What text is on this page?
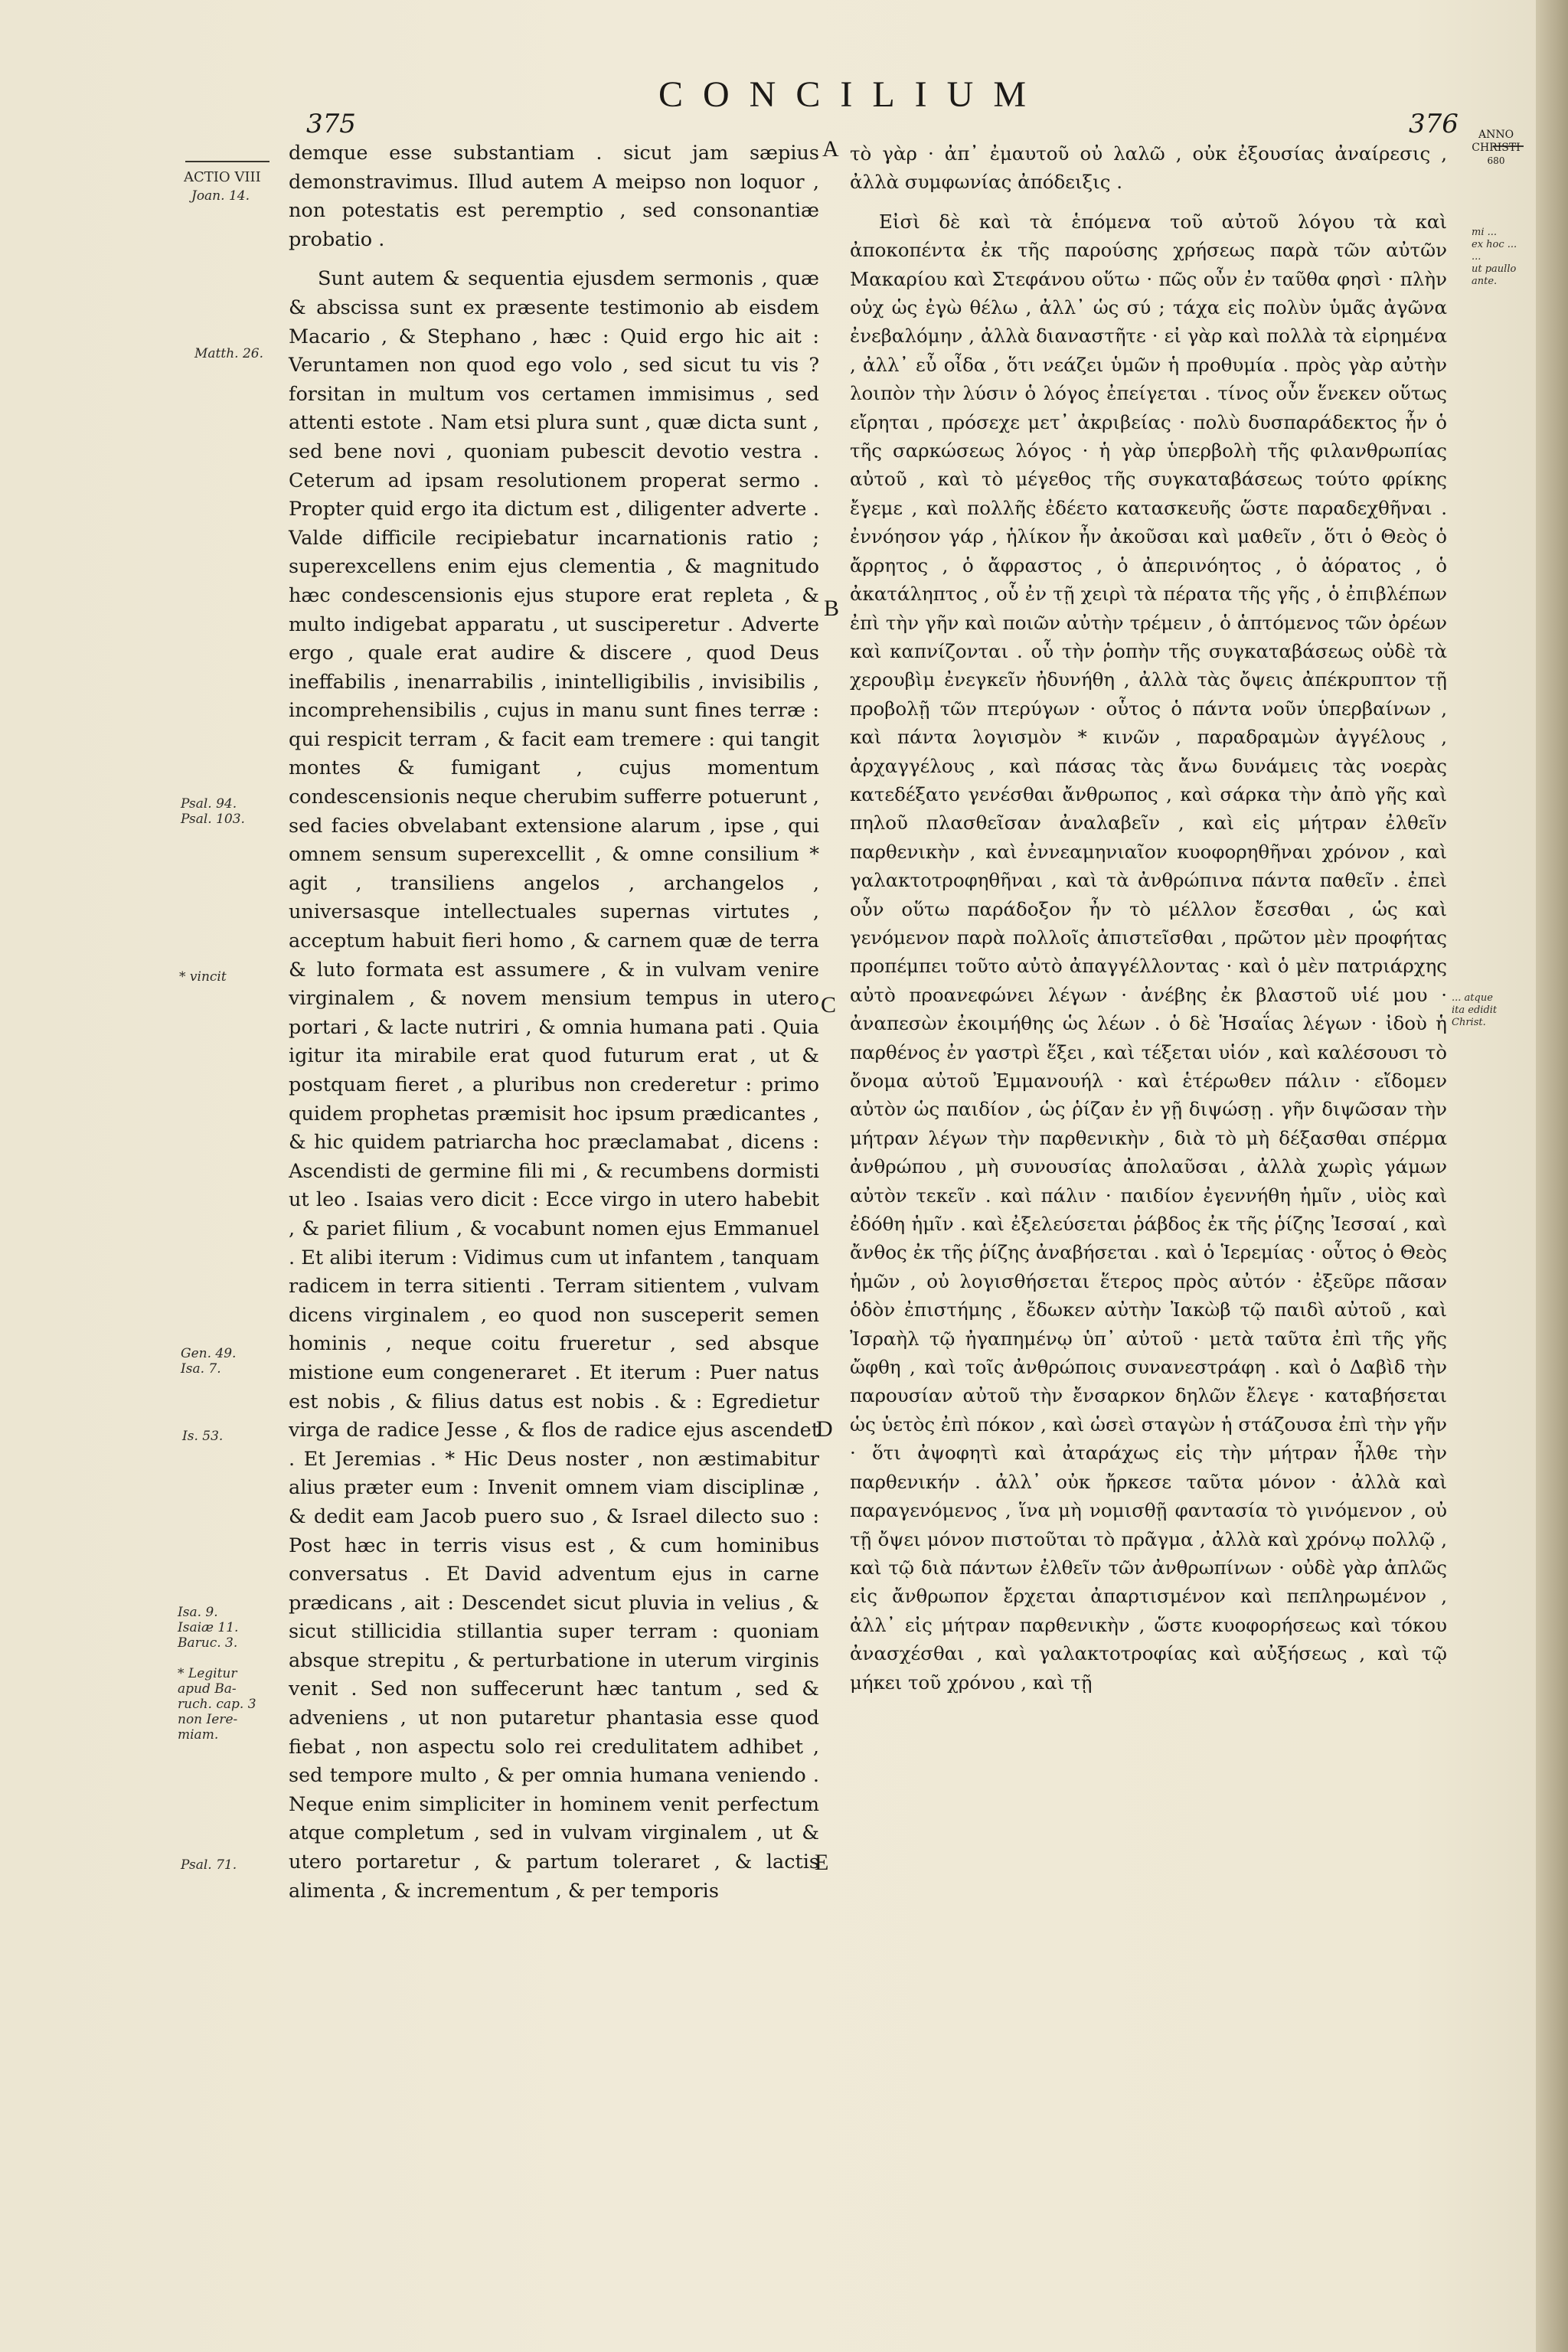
375
CONCILIUM
376
ACTIO VIII
Joan. 14.
Matth. 26.
Psal. 94.
Psal. 103.
* vincit
Gen. 49.
Isa. 7.
Is. 53.
Isa. 9.
Isaiæ 11.
Baruc. 3.
* Legitur
apud Ba-
ruch. cap. 3
non Iere-
miam.
Psal. 71.
ANNO
CHRISTI
680
mi ...
ex hoc ...
...
ut paullo
ante.
... atque
ita edidit
Christ.
A
B
C
D
E

demque esse substantiam . sicut jam sæpius demonstravimus. Illud autem A meipso non loquor , non potestatis est peremptio , sed consonantiæ probatio .

Sunt autem & sequentia ejusdem sermonis , quæ & abscissa sunt ex præsente testimonio ab eisdem Macario , & Stephano , hæc : Quid ergo hic ait : Veruntamen non quod ego volo , sed sicut tu vis ? forsitan in multum vos certamen immisimus , sed attenti estote . Nam etsi plura sunt , quæ dicta sunt , sed bene novi , quoniam pubescit devotio vestra . Ceterum ad ipsam resolutionem properat sermo . Propter quid ergo ita dictum est , diligenter adverte . Valde difficile recipiebatur incarnationis ratio ; superexcellens enim ejus clementia , & magnitudo hæc condescensionis ejus stupore erat repleta , & multo indigebat apparatu , ut susciperetur . Adverte ergo , quale erat audire & discere , quod Deus ineffabilis , inenarrabilis , inintelligibilis , invisibilis , incomprehensibilis , cujus in manu sunt fines terræ : qui respicit terram , & facit eam tremere : qui tangit montes & fumigant , cujus momentum condescensionis neque cherubim sufferre potuerunt , sed facies obvelabant extensione alarum , ipse , qui omnem sensum superexcellit , & omne consilium * agit , transiliens angelos , archangelos , universasque intellectuales supernas virtutes , acceptum habuit fieri homo , & carnem quæ de terra & luto formata est assumere , & in vulvam venire virginalem , & novem mensium tempus in utero portari , & lacte nutriri , & omnia humana pati . Quia igitur ita mirabile erat quod futurum erat , ut & postquam fieret , a pluribus non crederetur : primo quidem prophetas præmisit hoc ipsum prædicantes , & hic quidem patriarcha hoc præclamabat , dicens : Ascendisti de germine fili mi , & recumbens dormisti ut leo . Isaias vero dicit : Ecce virgo in utero habebit , & pariet filium , & vocabunt nomen ejus Emmanuel . Et alibi iterum : Vidimus cum ut infantem , tanquam radicem in terra sitienti . Terram sitientem , vulvam dicens virginalem , eo quod non susceperit semen hominis , neque coitu frueretur , sed absque mistione eum congeneraret . Et iterum : Puer natus est nobis , & filius datus est nobis . & : Egredietur virga de radice Jesse , & flos de radice ejus ascendet . Et Jeremias . * Hic Deus noster , non æstimabitur alius præter eum : Invenit omnem viam disciplinæ , & dedit eam Jacob puero suo , & Israel dilecto suo : Post hæc in terris visus est , & cum hominibus conversatus . Et David adventum ejus in carne prædicans , ait : Descendet sicut pluvia in velius , & sicut stillicidia stillantia super terram : quoniam absque strepitu , & perturbatione in uterum virginis venit . Sed non suffecerunt hæc tantum , sed & adveniens , ut non putaretur phantasia esse quod fiebat , non aspectu solo rei credulitatem adhibet , sed tempore multo , & per omnia humana veniendo . Neque enim simpliciter in hominem venit perfectum atque completum , sed in vulvam virginalem , ut & utero portaretur , & partum toleraret , & lactis alimenta , & incrementum , & per temporis

τὸ γὰρ · ἀπ᾽ ἐμαυτοῦ οὐ λαλῶ , οὐκ ἐξουσίας ἀναίρεσις , ἀλλὰ συμφωνίας ἀπόδειξις .

Εἰσὶ δὲ καὶ τὰ ἑπόμενα τοῦ αὐτοῦ λόγου τὰ καὶ ἀποκοπέντα ἐκ τῆς παρούσης χρήσεως παρὰ τῶν αὐτῶν Μακαρίου καὶ Στεφάνου οὕτω · πῶς οὖν ἐν ταῦθα φησὶ · πλὴν οὐχ ὡς ἐγὼ θέλω , ἀλλ᾽ ὡς σύ ; τάχα εἰς πολὺν ὑμᾶς ἀγῶνα ἐνεβαλόμην , ἀλλὰ διαναστῆτε · εἰ γὰρ καὶ πολλὰ τὰ εἰρημένα , ἀλλ᾽ εὖ οἶδα , ὅτι νεάζει ὑμῶν ἡ προθυμία . πρὸς γὰρ αὐτὴν λοιπὸν τὴν λύσιν ὁ λόγος ἐπείγεται . τίνος οὖν ἕνεκεν οὕτως εἴρηται , πρόσεχε μετ᾽ ἀκριβείας · πολὺ δυσπαράδεκτος ἦν ὁ τῆς σαρκώσεως λόγος · ἡ γὰρ ὑπερβολὴ τῆς φιλανθρωπίας αὐτοῦ , καὶ τὸ μέγεθος τῆς συγκαταβάσεως τούτο φρίκης ἔγεμε , καὶ πολλῆς ἐδέετο κατασκευῆς ὥστε παραδεχθῆναι . ἐννόησον γάρ , ἡλίκον ἦν ἀκοῦσαι καὶ μαθεῖν , ὅτι ὁ Θεὸς ὁ ἄρρητος , ὁ ἄφραστος , ὁ ἀπερινόητος , ὁ ἀόρατος , ὁ ἀκατάληπτος , οὗ ἐν τῇ χειρὶ τὰ πέρατα τῆς γῆς , ὁ ἐπιβλέπων ἐπὶ τὴν γῆν καὶ ποιῶν αὐτὴν τρέμειν , ὁ ἁπτόμενος τῶν ὀρέων καὶ καπνίζονται . οὗ τὴν ῥοπὴν τῆς συγκαταβάσεως οὐδὲ τὰ χερουβὶμ ἐνεγκεῖν ἠδυνήθη , ἀλλὰ τὰς ὄψεις ἀπέκρυπτον τῇ προβολῇ τῶν πτερύγων · οὗτος ὁ πάντα νοῦν ὑπερβαίνων , καὶ πάντα λογισμὸν * κινῶν , παραδραμὼν ἀγγέλους , ἀρχαγγέλους , καὶ πάσας τὰς ἄνω δυνάμεις τὰς νοερὰς κατεδέξατο γενέσθαι ἄνθρωπος , καὶ σάρκα τὴν ἀπὸ γῆς καὶ πηλοῦ πλασθεῖσαν ἀναλαβεῖν , καὶ εἰς μήτραν ἐλθεῖν παρθενικὴν , καὶ ἐννεαμηνιαῖον κυοφορηθῆναι χρόνον , καὶ γαλακτοτροφηθῆναι , καὶ τὰ ἀνθρώπινα πάντα παθεῖν . ἐπεὶ οὖν οὕτω παράδοξον ἦν τὸ μέλλον ἔσεσθαι , ὡς καὶ γενόμενον παρὰ πολλοῖς ἀπιστεῖσθαι , πρῶτον μὲν προφήτας προπέμπει τοῦτο αὐτὸ ἀπαγγέλλοντας · καὶ ὁ μὲν πατριάρχης αὐτὸ προανεφώνει λέγων · ἀνέβης ἐκ βλαστοῦ υἱέ μου · ἀναπεσὼν ἐκοιμήθης ὡς λέων . ὁ δὲ Ἡσαΐας λέγων · ἰδοὺ ἡ παρθένος ἐν γαστρὶ ἕξει , καὶ τέξεται υἱόν , καὶ καλέσουσι τὸ ὄνομα αὐτοῦ Ἐμμανουήλ · καὶ ἑτέρωθεν πάλιν · εἴδομεν αὐτὸν ὡς παιδίον , ὡς ῥίζαν ἐν γῇ διψώσῃ . γῆν διψῶσαν τὴν μήτραν λέγων τὴν παρθενικὴν , διὰ τὸ μὴ δέξασθαι σπέρμα ἀνθρώπου , μὴ συνουσίας ἀπολαῦσαι , ἀλλὰ χωρὶς γάμων αὐτὸν τεκεῖν . καὶ πάλιν · παιδίον ἐγεννήθη ἡμῖν , υἱὸς καὶ ἐδόθη ἡμῖν . καὶ ἐξελεύσεται ῥάβδος ἐκ τῆς ῥίζης Ἰεσσαί , καὶ ἄνθος ἐκ τῆς ῥίζης ἀναβήσεται . καὶ ὁ Ἱερεμίας · οὗτος ὁ Θεὸς ἡμῶν , οὐ λογισθήσεται ἕτερος πρὸς αὐτόν · ἐξεῦρε πᾶσαν ὁδὸν ἐπιστήμης , ἔδωκεν αὐτὴν Ἰακὼβ τῷ παιδὶ αὐτοῦ , καὶ Ἰσραὴλ τῷ ἠγαπημένῳ ὑπ᾽ αὐτοῦ · μετὰ ταῦτα ἐπὶ τῆς γῆς ὤφθη , καὶ τοῖς ἀνθρώποις συνανεστράφη . καὶ ὁ Δαβὶδ τὴν παρουσίαν αὐτοῦ τὴν ἔνσαρκον δηλῶν ἔλεγε · καταβήσεται ὡς ὑετὸς ἐπὶ πόκον , καὶ ὡσεὶ σταγὼν ἡ στάζουσα ἐπὶ τὴν γῆν · ὅτι ἀψοφητὶ καὶ ἀταράχως εἰς τὴν μήτραν ἦλθε τὴν παρθενικήν . ἀλλ᾽ οὐκ ἤρκεσε ταῦτα μόνον · ἀλλὰ καὶ παραγενόμενος , ἵνα μὴ νομισθῇ φαντασία τὸ γινόμενον , οὐ τῇ ὄψει μόνον πιστοῦται τὸ πρᾶγμα , ἀλλὰ καὶ χρόνῳ πολλῷ , καὶ τῷ διὰ πάντων ἐλθεῖν τῶν ἀνθρωπίνων · οὐδὲ γὰρ ἁπλῶς εἰς ἄνθρωπον ἔρχεται ἀπαρτισμένον καὶ πεπληρωμένον , ἀλλ᾽ εἰς μήτραν παρθενικὴν , ὥστε κυοφορήσεως καὶ τόκου ἀνασχέσθαι , καὶ γαλακτοτροφίας καὶ αὐξήσεως , καὶ τῷ μήκει τοῦ χρόνου , καὶ τῇ
